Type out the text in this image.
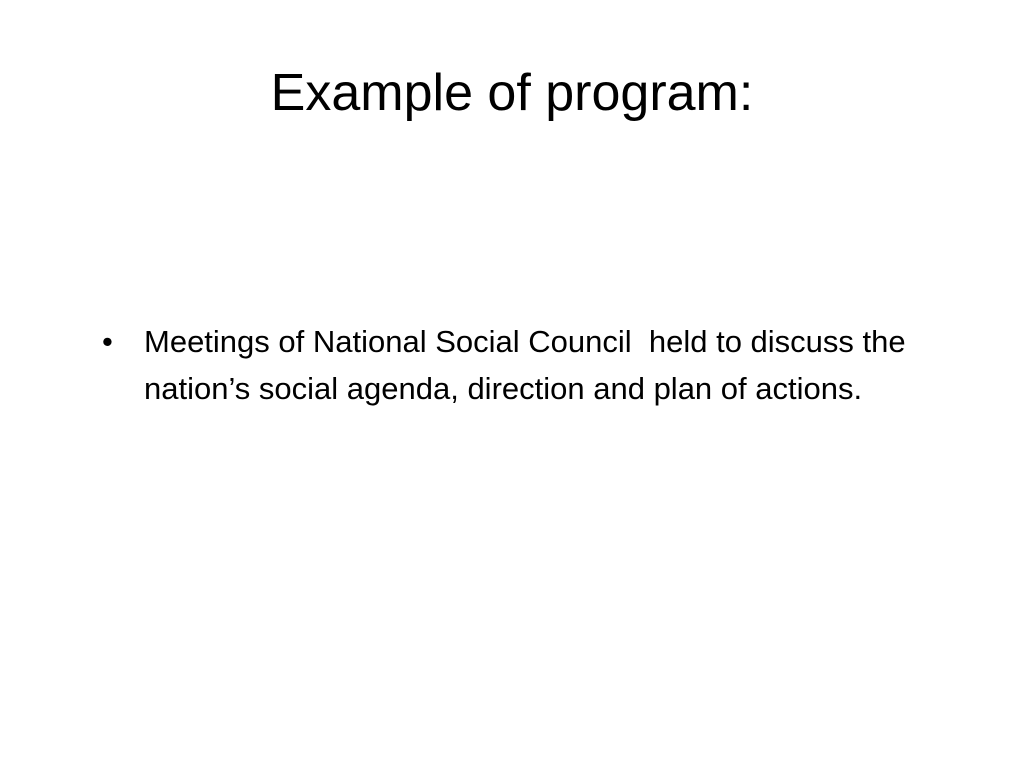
Example of program:
• Meetings of National Social Council  held to discuss the nation’s social agenda, direction and plan of actions.
